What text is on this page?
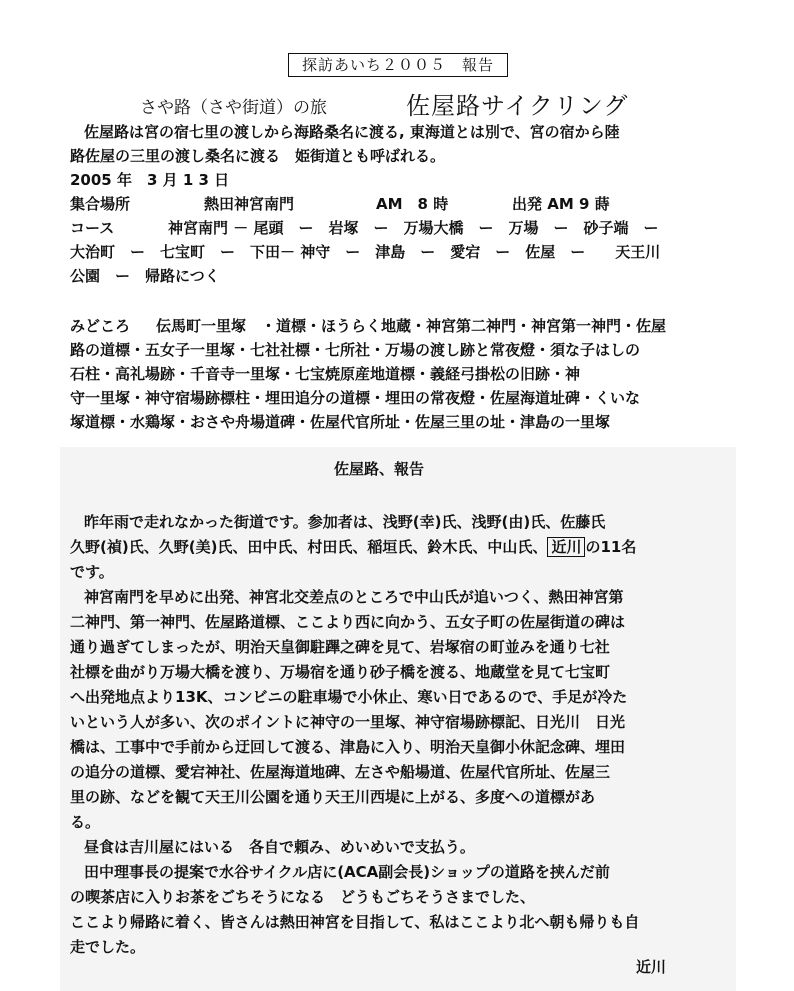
探訪あいち２００５　報告
さや路（さや街道）の旅	佐屋路サイクリング
佐屋路は宮の宿七里の渡しから海路桑名に渡る, 東海道とは別で、宮の宿から陸
路佐屋の三里の渡し桑名に渡る　姫街道とも呼ばれる。
2005 年　3 月 1 3 日
集合場所	熱田神宮南門	AM　8 時	出発 AM 9 蒔
コース	神宮南門 － 尾頭　ー　岩塚　ー　万場大橋　ー　万場　ー　砂子端　ー
大治町　ー　七宝町　ー　下田－ 神守　ー　津島　ー　愛宕　ー　佐屋　ー　　天王川
公園　ー　帰路につく
みどころ 伝馬町一里塚　・道標・ほうらく地蔵・神宮第二神門・神宮第一神門・佐屋
路の道標・五女子一里塚・七社社標・七所社・万場の渡し跡と常夜燈・須な子はしの
石柱・高礼場跡・千音寺一里塚・七宝焼原産地道標・義経弓掛松の旧跡・神
守一里塚・神守宿場跡標柱・埋田追分の道標・埋田の常夜燈・佐屋海道址碑・くいな
塚道標・水鶏塚・おさや舟場道碑・佐屋代官所址・佐屋三里の址・津島の一里塚
佐屋路、報告
昨年雨で走れなかった街道です。参加者は、浅野(幸)氏、浅野(由)氏、佐藤氏
久野(禎)氏、久野(美)氏、田中氏、村田氏、稲垣氏、鈴木氏、中山氏、 近川 の11名
です。
神宮南門を早めに出発、神宮北交差点のところで中山氏が追いつく、熱田神宮第
二神門、第一神門、佐屋路道標、ここより西に向かう、五女子町の佐屋街道の碑は
通り過ぎてしまったが、明治天皇御駐蹕之碑を見て、岩塚宿の町並みを通り七社
社標を曲がり万場大橋を渡り、万場宿を通り砂子橋を渡る、地蔵堂を見て七宝町
へ出発地点より13K、コンビニの駐車場で小休止、寒い日であるので、手足が冷た
いという人が多い、次のポイントに神守の一里塚、神守宿場跡標記、日光川　日光
橋は、工事中で手前から迂回して渡る、津島に入り、明治天皇御小休記念碑、埋田
の追分の道標、愛宕神社、佐屋海道地碑、左さや船場道、佐屋代官所址、佐屋三
里の跡、などを観て天王川公園を通り天王川西堤に上がる、多度への道標があ
る。
昼食は吉川屋にはいる　各自で頼み、めいめいで支払う。
田中理事長の提案で水谷サイクル店に(ACA副会長)ショップの道路を挟んだ前
の喫茶店に入りお茶をごちそうになる　どうもごちそうさまでした、
ここより帰路に着く、皆さんは熱田神宮を目指して、私はここより北へ朝も帰りも自
走でした。
近川
